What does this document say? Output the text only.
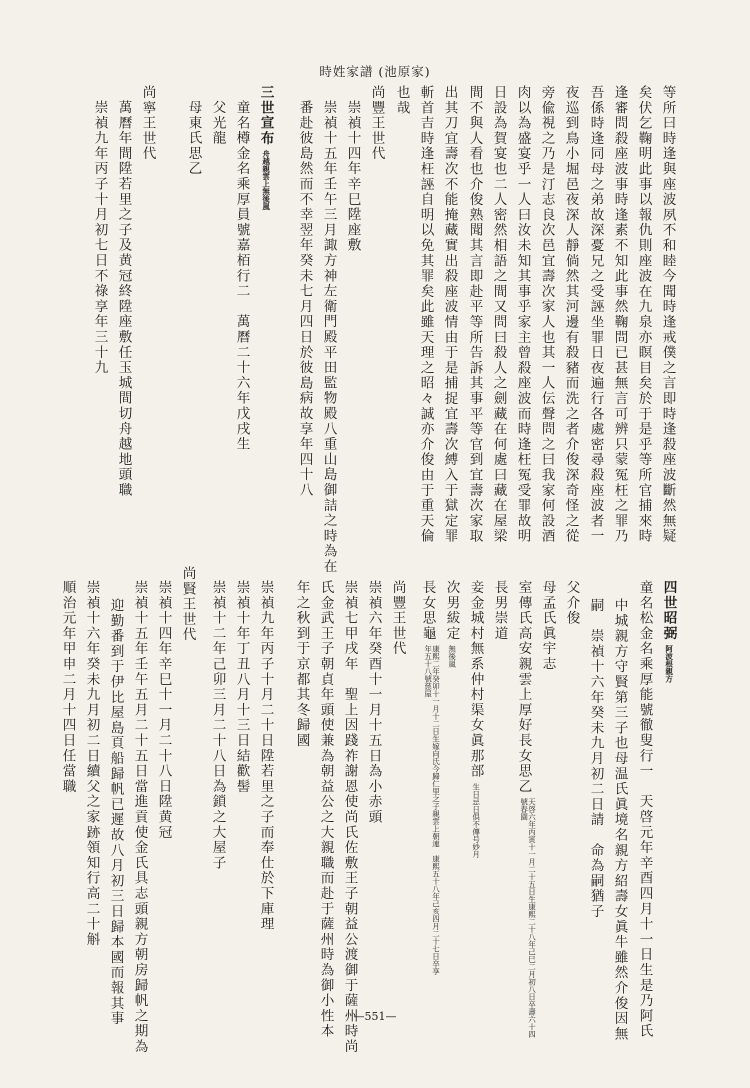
時姓家譜 (池原家)
等所曰時逢與座波夙不和睦今聞時逢戒僕之言即時逢殺座波斷然無疑
矣伏乞鞠明此事以報仇則座波在九泉亦瞑目矣於于是乎等所官捕來時
逢審問殺座波事時逢素不知此事然鞠問已甚無言可辨只蒙冤枉之罪乃
吾係時逢同母之弟故深憂兄之受誣坐罪日夜遍行各處密尋殺座波者一
夜巡到鳥小堀邑夜深人靜倘然其河邊有殺豬而洗之者介俊深奇怪之從
旁偸視之乃是汀志良次邑宜壽次家人也其一人伝聲問之曰我家何設酒
肉以為盛宴乎一人曰汝未知其事乎家主曾殺座波而時逢枉冤受罪故明
日設為賀宴也二人密然相語之間又問曰殺人之劍藏在何處曰藏在屋梁
間不與人看也介俊熟聞其言即赴平等所告訴其事平等官到宜壽次家取
出其刀宜壽次不能掩藏實出殺座波情由于是捕捉宜壽次縛入于獄定罪
斬首吉時逢枉誣自明以免其罪矣此雖天理之昭々誠亦介俊由于重天倫
也哉
尚豐王世代
崇禎十四年辛巳陞座敷
崇禎十五年壬午三月諏方神左衛門殿平田監物殿八重山島御詰之時為在
番赴彼島然而不幸翌年癸未七月四日於彼島病故享年四十八
三世宣布舟越親雲上無後嵐
童名樽金名乘厚員號嘉栢行二　萬曆二十六年戊戌生
父光龍
母東氏思乙
尚寧王世代
萬曆年間陞若里之子及黄冠終陞座敷任玉城間切舟越地頭職
崇禎九年丙子十月初七日不祿享年三十九
四世昭弼阿波根親方
童名松金名乘厚能號徹叟行一　天啓元年辛酉四月十一日生是乃阿氏
中城親方守賢第三子也母温氏眞境名親方紹壽女眞牛雖然介俊因無
嗣　崇禎十六年癸未九月初二日請　命為嗣猶子
父介俊
母孟氏眞宇志
室傳氏高安親雲上厚好長女思乙天啓六年丙寅十一月二十五日生康熙二十八年己巳二月初八日卒壽六十四號春園
長男崇道
妾金城村無系仲村渠女眞那部生日忌日俱不傳号妙月
次男紱定無後嵐
長女思龜康熙二年癸卯十一月十二日生嫁向氏今歸仁里之子親雲上朝連　康熙五十八年己亥四月二十七日卒享年五十八號慈屋
尚豐王世代
崇禎六年癸酉十一月十五日為小赤頭
崇禎七甲戌年　聖上因踐祚謝恩使尚氏佐敷王子朝益公渡御于薩州時尚
氏金武王子朝貞年頭使兼為朝益公之大親職而赴于薩州時為御小性本
年之秋到于京都其冬歸國
崇禎九年丙子十月二十日陞若里之子而奉仕於下庫理
崇禎十年丁丑八月十三日結歡髻
崇禎十二年己卯三月二十八日為鎖之大屋子
尚賢王世代
崇禎十四年辛巳十一月二十八日陞黄冠
崇禎十五年壬午五月二十五日當進貢使金氏具志頭親方朝房歸帆之期為
迎勤番到于伊比屋島頁船歸帆已遲故八月初三日歸本國而報其事
崇禎十六年癸未九月初二日續父之家跡領知行高二十斛
順治元年甲申二月十四日任當職
—551—
